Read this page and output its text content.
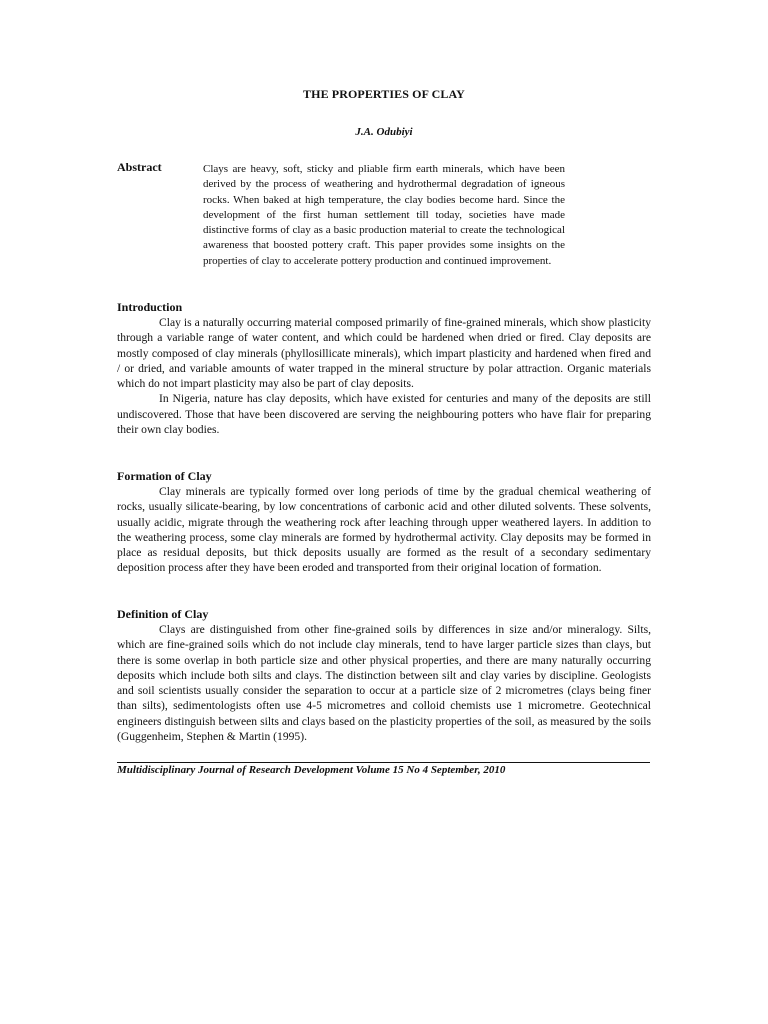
THE PROPERTIES OF CLAY
J.A. Odubiyi
Abstract	Clays are heavy, soft, sticky and pliable firm earth minerals, which have been derived by the process of weathering and hydrothermal degradation of igneous rocks. When baked at high temperature, the clay bodies become hard. Since the development of the first human settlement till today, societies have made distinctive forms of clay as a basic production material to create the technological awareness that boosted pottery craft. This paper provides some insights on the properties of clay to accelerate pottery production and continued improvement.
Introduction

Clay is a naturally occurring material composed primarily of fine-grained minerals, which show plasticity through a variable range of water content, and which could be hardened when dried or fired. Clay deposits are mostly composed of clay minerals (phyllosillicate minerals), which impart plasticity and hardened when fired and / or dried, and variable amounts of water trapped in the mineral structure by polar attraction. Organic materials which do not impart plasticity may also be part of clay deposits.

In Nigeria, nature has clay deposits, which have existed for centuries and many of the deposits are still undiscovered. Those that have been discovered are serving the neighbouring potters who have flair for preparing their own clay bodies.

Formation of Clay

Clay minerals are typically formed over long periods of time by the gradual chemical weathering of rocks, usually silicate-bearing, by low concentrations of carbonic acid and other diluted solvents. These solvents, usually acidic, migrate through the weathering rock after leaching through upper weathered layers. In addition to the weathering process, some clay minerals are formed by hydrothermal activity. Clay deposits may be formed in place as residual deposits, but thick deposits usually are formed as the result of a secondary sedimentary deposition process after they have been eroded and transported from their original location of formation.

Definition of Clay

Clays are distinguished from other fine-grained soils by differences in size and/or mineralogy. Silts, which are fine-grained soils which do not include clay minerals, tend to have larger particle sizes than clays, but there is some overlap in both particle size and other physical properties, and there are many naturally occurring deposits which include both silts and clays. The distinction between silt and clay varies by discipline. Geologists and soil scientists usually consider the separation to occur at a particle size of 2 micrometres (clays being finer than silts), sedimentologists often use 4-5 micrometres and colloid chemists use 1 micrometre. Geotechnical engineers distinguish between silts and clays based on the plasticity properties of the soil, as measured by the soils (Guggenheim, Stephen & Martin (1995).

Multidisciplinary Journal of Research Development Volume 15 No 4 September, 2010
